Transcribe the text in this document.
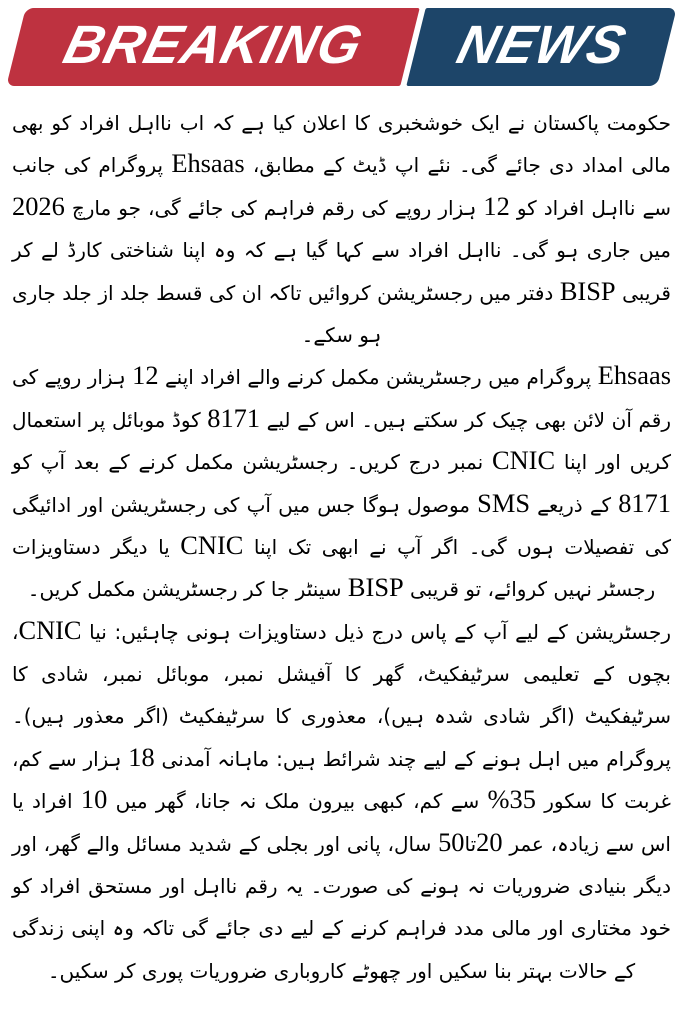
BREAKING NEWS

حکومت پاکستان نے ایک خوشخبری کا اعلان کیا ہے کہ اب نااہل افراد کو بھی مالی امداد دی جائے گی۔ نئے اپ ڈیٹ کے مطابق، Ehsaas پروگرام کی جانب سے نااہل افراد کو 12 ہزار روپے کی رقم فراہم کی جائے گی، جو مارچ 2026 میں جاری ہو گی۔ نااہل افراد سے کہا گیا ہے کہ وہ اپنا شناختی کارڈ لے کر قریبی BISP دفتر میں رجسٹریشن کروائیں تاکہ ان کی قسط جلد از جلد جاری ہو سکے۔

Ehsaas پروگرام میں رجسٹریشن مکمل کرنے والے افراد اپنے 12 ہزار روپے کی رقم آن لائن بھی چیک کر سکتے ہیں۔ اس کے لیے 8171 کوڈ موبائل پر استعمال کریں اور اپنا CNIC نمبر درج کریں۔ رجسٹریشن مکمل کرنے کے بعد آپ کو 8171 کے ذریعے SMS موصول ہوگا جس میں آپ کی رجسٹریشن اور ادائیگی کی تفصیلات ہوں گی۔ اگر آپ نے ابھی تک اپنا CNIC یا دیگر دستاویزات رجسٹر نہیں کروائے، تو قریبی BISP سینٹر جا کر رجسٹریشن مکمل کریں۔

رجسٹریشن کے لیے آپ کے پاس درج ذیل دستاویزات ہونی چاہئیں: نیا CNIC، بچوں کے تعلیمی سرٹیفکیٹ، گھر کا آفیشل نمبر، موبائل نمبر، شادی کا سرٹیفکیٹ (اگر شادی شدہ ہیں)، معذوری کا سرٹیفکیٹ (اگر معذور ہیں)۔ پروگرام میں اہل ہونے کے لیے چند شرائط ہیں: ماہانہ آمدنی 18 ہزار سے کم، غربت کا سکور 35% سے کم، کبھی بیرون ملک نہ جانا، گھر میں 10 افراد یا اس سے زیادہ، عمر 20تا50 سال، پانی اور بجلی کے شدید مسائل والے گھر، اور دیگر بنیادی ضروریات نہ ہونے کی صورت۔ یہ رقم نااہل اور مستحق افراد کو خود مختاری اور مالی مدد فراہم کرنے کے لیے دی جائے گی تاکہ وہ اپنی زندگی کے حالات بہتر بنا سکیں اور چھوٹے کاروباری ضروریات پوری کر سکیں۔
